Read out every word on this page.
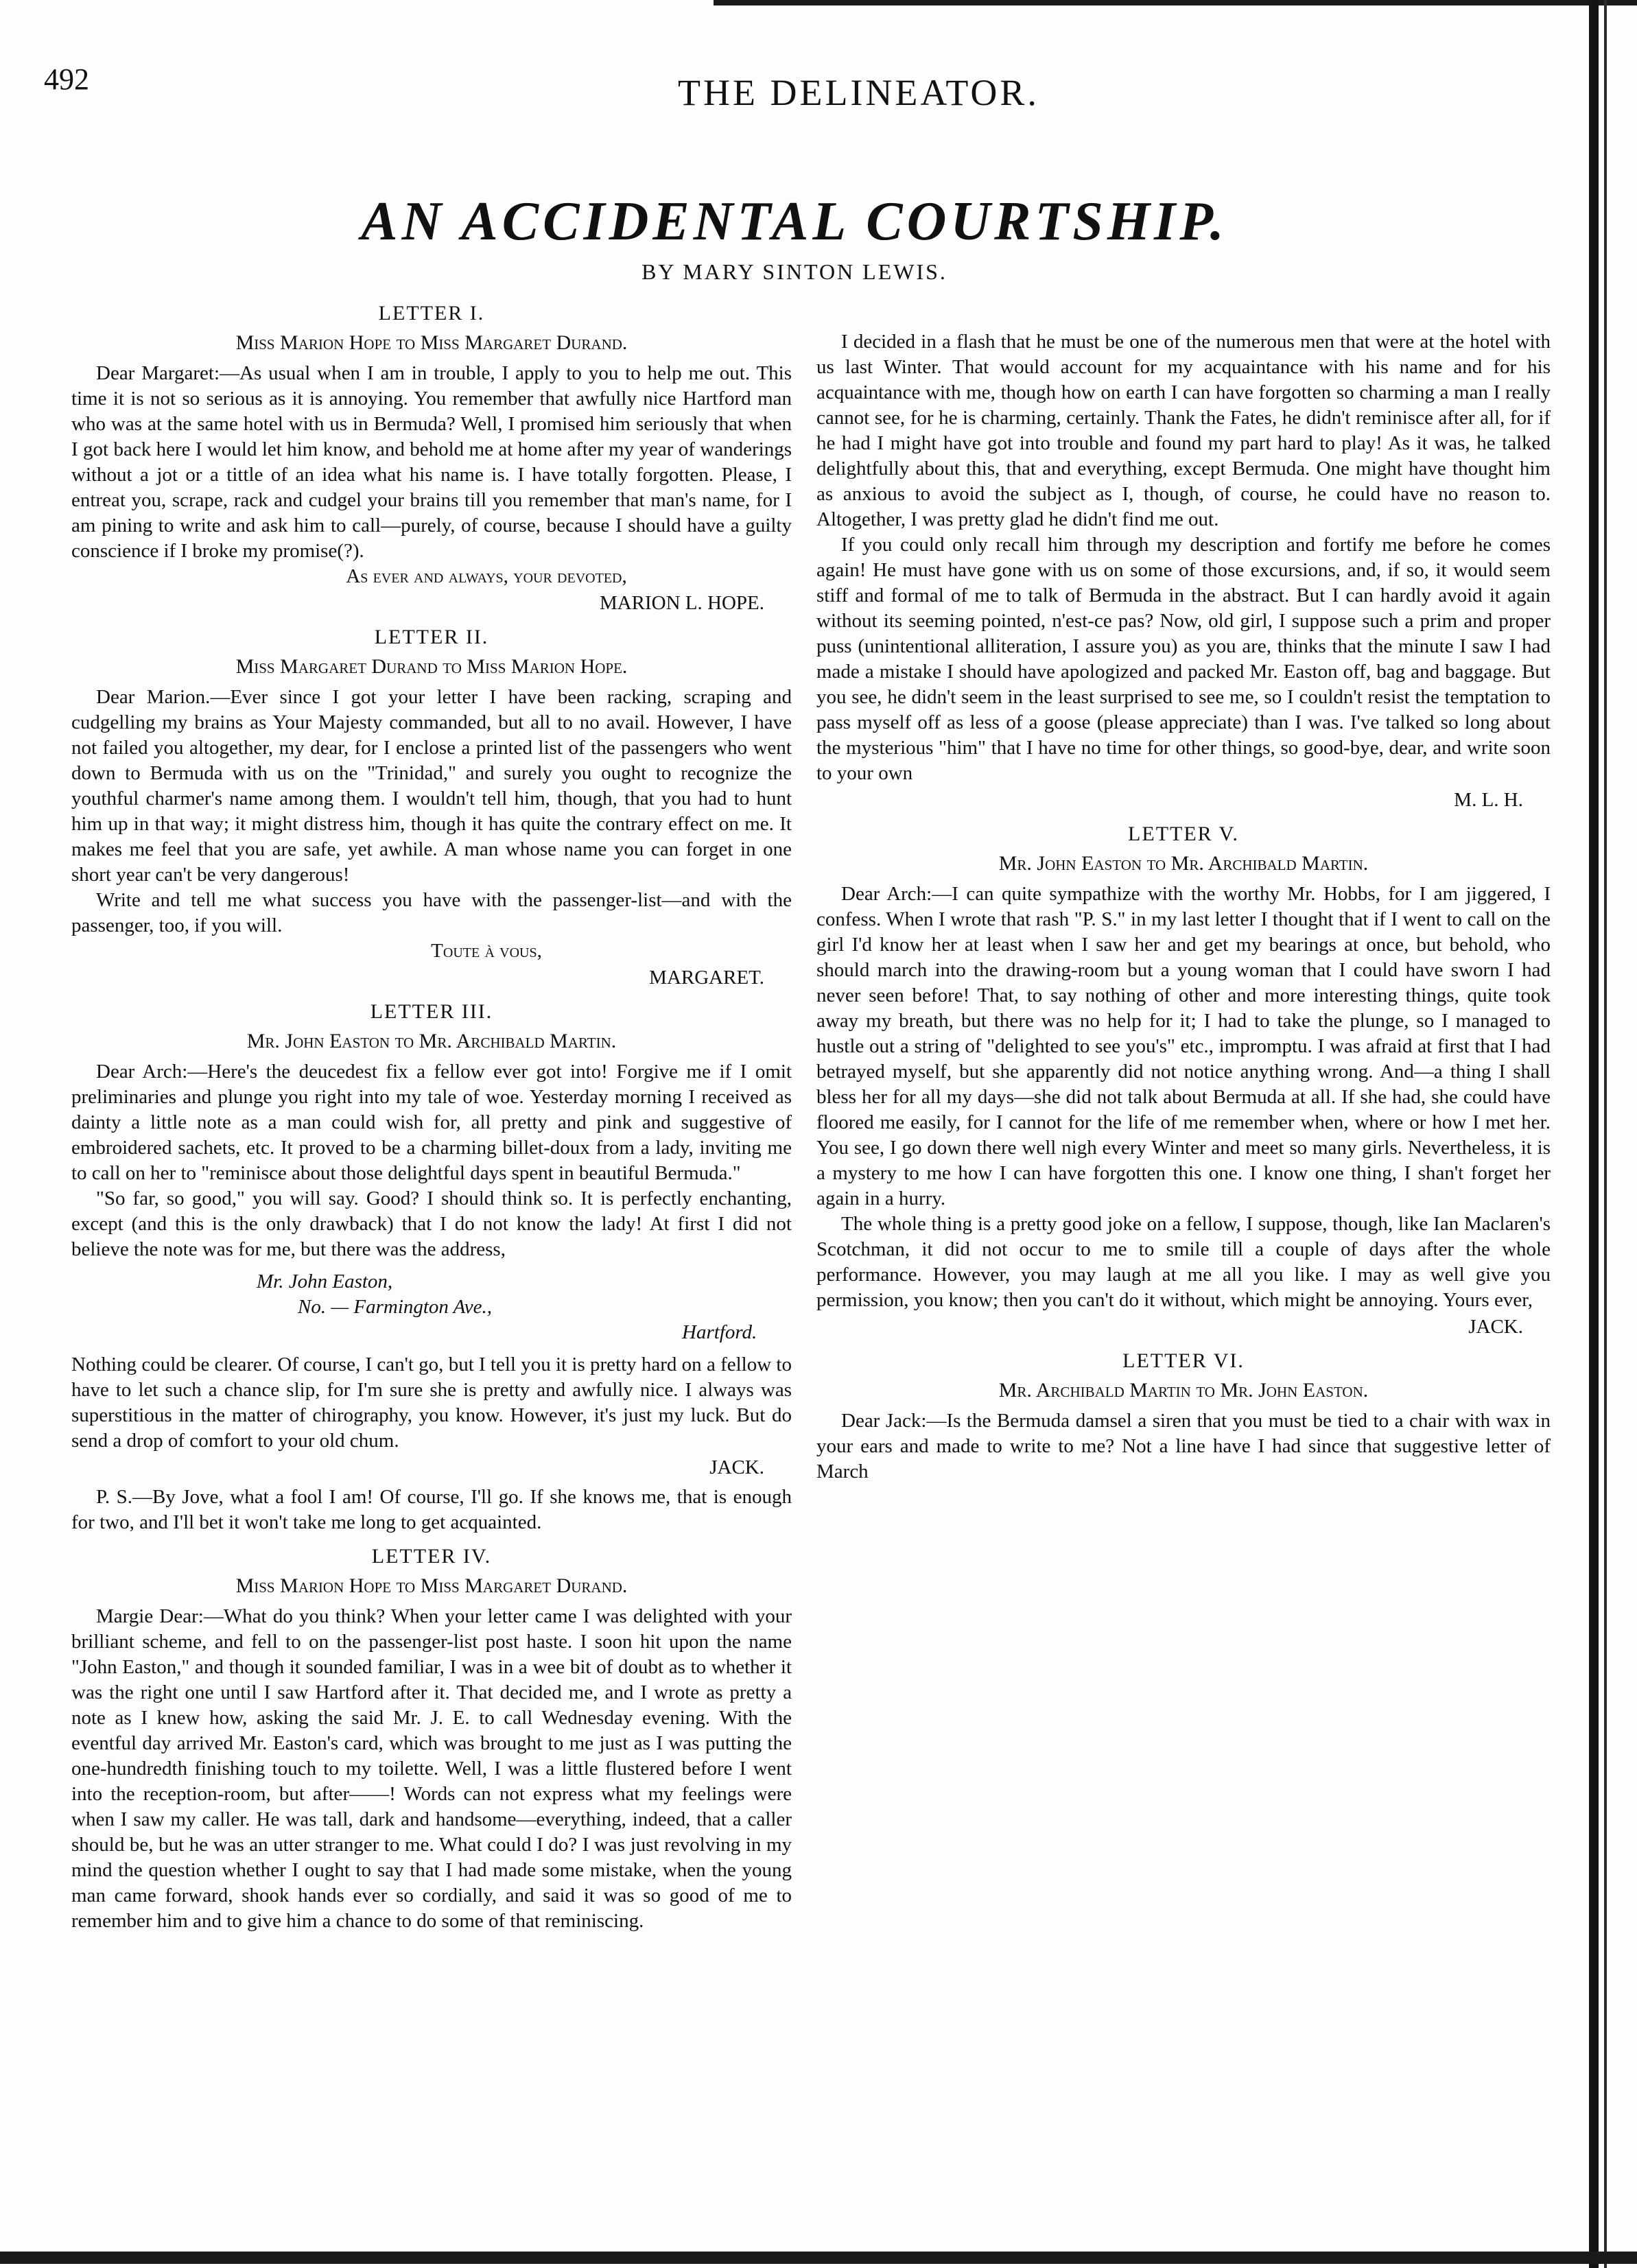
492	THE DELINEATOR.
AN ACCIDENTAL COURTSHIP.
BY MARY SINTON LEWIS.
LETTER I.
Miss Marion Hope to Miss Margaret Durand.

Dear Margaret:—As usual when I am in trouble, I apply to you to help me out. This time it is not so serious as it is annoying. You remember that awfully nice Hartford man who was at the same hotel with us in Bermuda? Well, I promised him seriously that when I got back here I would let him know, and behold me at home after my year of wanderings without a jot or a tittle of an idea what his name is. I have totally forgotten. Please, I entreat you, scrape, rack and cudgel your brains till you remember that man's name, for I am pining to write and ask him to call—purely, of course, because I should have a guilty conscience if I broke my promise(?).

As ever and always, your devoted,
MARION L. HOPE.
LETTER II.
Miss Margaret Durand to Miss Marion Hope.

Dear Marion.—Ever since I got your letter I have been racking, scraping and cudgelling my brains as Your Majesty commanded, but all to no avail. However, I have not failed you altogether, my dear, for I enclose a printed list of the passengers who went down to Bermuda with us on the "Trinidad," and surely you ought to recognize the youthful charmer's name among them. I wouldn't tell him, though, that you had to hunt him up in that way; it might distress him, though it has quite the contrary effect on me. It makes me feel that you are safe, yet awhile. A man whose name you can forget in one short year can't be very dangerous!

Write and tell me what success you have with the passenger-list—and with the passenger, too, if you will.

Toute à vous,
MARGARET.
LETTER III.
Mr. John Easton to Mr. Archibald Martin.

Dear Arch:—Here's the deucedest fix a fellow ever got into! Forgive me if I omit preliminaries and plunge you right into my tale of woe. Yesterday morning I received as dainty a little note as a man could wish for, all pretty and pink and suggestive of embroidered sachets, etc. It proved to be a charming billet-doux from a lady, inviting me to call on her to "reminisce about those delightful days spent in beautiful Bermuda."

"So far, so good," you will say. Good? I should think so. It is perfectly enchanting, except (and this is the only drawback) that I do not know the lady! At first I did not believe the note was for me, but there was the address,

Mr. John Easton,
No. — Farmington Ave.,
Hartford.

Nothing could be clearer. Of course, I can't go, but I tell you it is pretty hard on a fellow to have to let such a chance slip, for I'm sure she is pretty and awfully nice. I always was superstitious in the matter of chirography, you know. However, it's just my luck. But do send a drop of comfort to your old chum.

JACK.

P. S.—By Jove, what a fool I am! Of course, I'll go. If she knows me, that is enough for two, and I'll bet it won't take me long to get acquainted.

LETTER IV.
Miss Marion Hope to Miss Margaret Durand.

Margie Dear:—What do you think? When your letter came I was delighted with your brilliant scheme, and fell to on the passenger-list post haste. I soon hit upon the name "John Easton," and though it sounded familiar, I was in a wee bit of doubt as to whether it was the right one until I saw Hartford after it. That decided me, and I wrote as pretty a note as I knew how, asking the said Mr. J. E. to call Wednesday evening. With the eventful day arrived Mr. Easton's card, which was brought to me just as I was putting the one-hundredth finishing touch to my toilette. Well, I was a little flustered before I went into the reception-room, but after——! Words can not express what my feelings were when I saw my caller. He was tall, dark and handsome—everything, indeed, that a caller should be, but he was an utter stranger to me. What could I do? I was just revolving in my mind the question whether I ought to say that I had made some mistake, when the young man came forward, shook hands ever so cordially, and said it was so good of me to remember him and to give him a chance to do some of that reminiscing.

I decided in a flash that he must be one of the numerous men that were at the hotel with us last Winter. That would account for my acquaintance with his name and for his acquaintance with me, though how on earth I can have forgotten so charming a man I really cannot see, for he is charming, certainly. Thank the Fates, he didn't reminisce after all, for if he had I might have got into trouble and found my part hard to play! As it was, he talked delightfully about this, that and everything, except Bermuda. One might have thought him as anxious to avoid the subject as I, though, of course, he could have no reason to. Altogether, I was pretty glad he didn't find me out.

If you could only recall him through my description and fortify me before he comes again! He must have gone with us on some of those excursions, and, if so, it would seem stiff and formal of me to talk of Bermuda in the abstract. But I can hardly avoid it again without its seeming pointed, n'est-ce pas? Now, old girl, I suppose such a prim and proper puss (unintentional alliteration, I assure you) as you are, thinks that the minute I saw I had made a mistake I should have apologized and packed Mr. Easton off, bag and baggage. But you see, he didn't seem in the least surprised to see me, so I couldn't resist the temptation to pass myself off as less of a goose (please appreciate) than I was. I've talked so long about the mysterious "him" that I have no time for other things, so good-bye, dear, and write soon to your own

M. L. H.
LETTER V.
Mr. John Easton to Mr. Archibald Martin.

Dear Arch:—I can quite sympathize with the worthy Mr. Hobbs, for I am jiggered, I confess. When I wrote that rash "P. S." in my last letter I thought that if I went to call on the girl I'd know her at least when I saw her and get my bearings at once, but behold, who should march into the drawing-room but a young woman that I could have sworn I had never seen before! That, to say nothing of other and more interesting things, quite took away my breath, but there was no help for it; I had to take the plunge, so I managed to hustle out a string of "delighted to see you's" etc., impromptu. I was afraid at first that I had betrayed myself, but she apparently did not notice anything wrong. And—a thing I shall bless her for all my days—she did not talk about Bermuda at all. If she had, she could have floored me easily, for I cannot for the life of me remember when, where or how I met her. You see, I go down there well nigh every Winter and meet so many girls. Nevertheless, it is a mystery to me how I can have forgotten this one. I know one thing, I shan't forget her again in a hurry.

The whole thing is a pretty good joke on a fellow, I suppose, though, like Ian Maclaren's Scotchman, it did not occur to me to smile till a couple of days after the whole performance. However, you may laugh at me all you like. I may as well give you permission, you know; then you can't do it without, which might be annoying. Yours ever,

JACK.
LETTER VI.
Mr. Archibald Martin to Mr. John Easton.

Dear Jack:—Is the Bermuda damsel a siren that you must be tied to a chair with wax in your ears and made to write to me? Not a line have I had since that suggestive letter of March
